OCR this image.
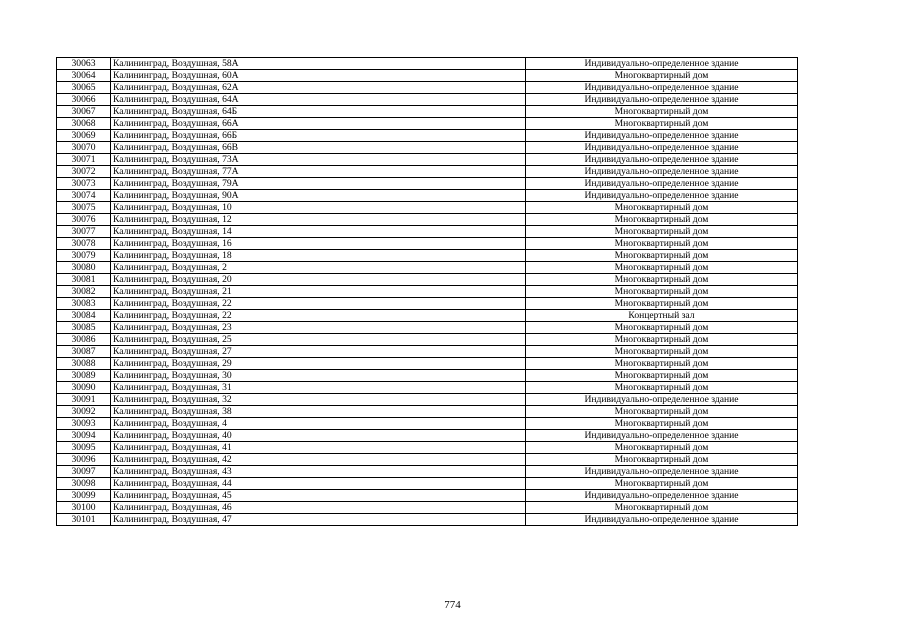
30063	Калининград, Воздушная, 58А	Индивидуально-определенное здание
30064	Калининград, Воздушная, 60А	Многоквартирный дом
30065	Калининград, Воздушная, 62А	Индивидуально-определенное здание
30066	Калининград, Воздушная, 64А	Индивидуально-определенное здание
30067	Калининград, Воздушная, 64Б	Многоквартирный дом
30068	Калининград, Воздушная, 66А	Многоквартирный дом
30069	Калининград, Воздушная, 66Б	Индивидуально-определенное здание
30070	Калининград, Воздушная, 66В	Индивидуально-определенное здание
30071	Калининград, Воздушная, 73А	Индивидуально-определенное здание
30072	Калининград, Воздушная, 77А	Индивидуально-определенное здание
30073	Калининград, Воздушная, 79А	Индивидуально-определенное здание
30074	Калининград, Воздушная, 90А	Индивидуально-определенное здание
30075	Калининград, Воздушная, 10	Многоквартирный дом
30076	Калининград, Воздушная, 12	Многоквартирный дом
30077	Калининград, Воздушная, 14	Многоквартирный дом
30078	Калининград, Воздушная, 16	Многоквартирный дом
30079	Калининград, Воздушная, 18	Многоквартирный дом
30080	Калининград, Воздушная, 2	Многоквартирный дом
30081	Калининград, Воздушная, 20	Многоквартирный дом
30082	Калининград, Воздушная, 21	Многоквартирный дом
30083	Калининград, Воздушная, 22	Многоквартирный дом
30084	Калининград, Воздушная, 22	Концертный зал
30085	Калининград, Воздушная, 23	Многоквартирный дом
30086	Калининград, Воздушная, 25	Многоквартирный дом
30087	Калининград, Воздушная, 27	Многоквартирный дом
30088	Калининград, Воздушная, 29	Многоквартирный дом
30089	Калининград, Воздушная, 30	Многоквартирный дом
30090	Калининград, Воздушная, 31	Многоквартирный дом
30091	Калининград, Воздушная, 32	Индивидуально-определенное здание
30092	Калининград, Воздушная, 38	Многоквартирный дом
30093	Калининград, Воздушная, 4	Многоквартирный дом
30094	Калининград, Воздушная, 40	Индивидуально-определенное здание
30095	Калининград, Воздушная, 41	Многоквартирный дом
30096	Калининград, Воздушная, 42	Многоквартирный дом
30097	Калининград, Воздушная, 43	Индивидуально-определенное здание
30098	Калининград, Воздушная, 44	Многоквартирный дом
30099	Калининград, Воздушная, 45	Индивидуально-определенное здание
30100	Калининград, Воздушная, 46	Многоквартирный дом
30101	Калининград, Воздушная, 47	Индивидуально-определенное здание
774
